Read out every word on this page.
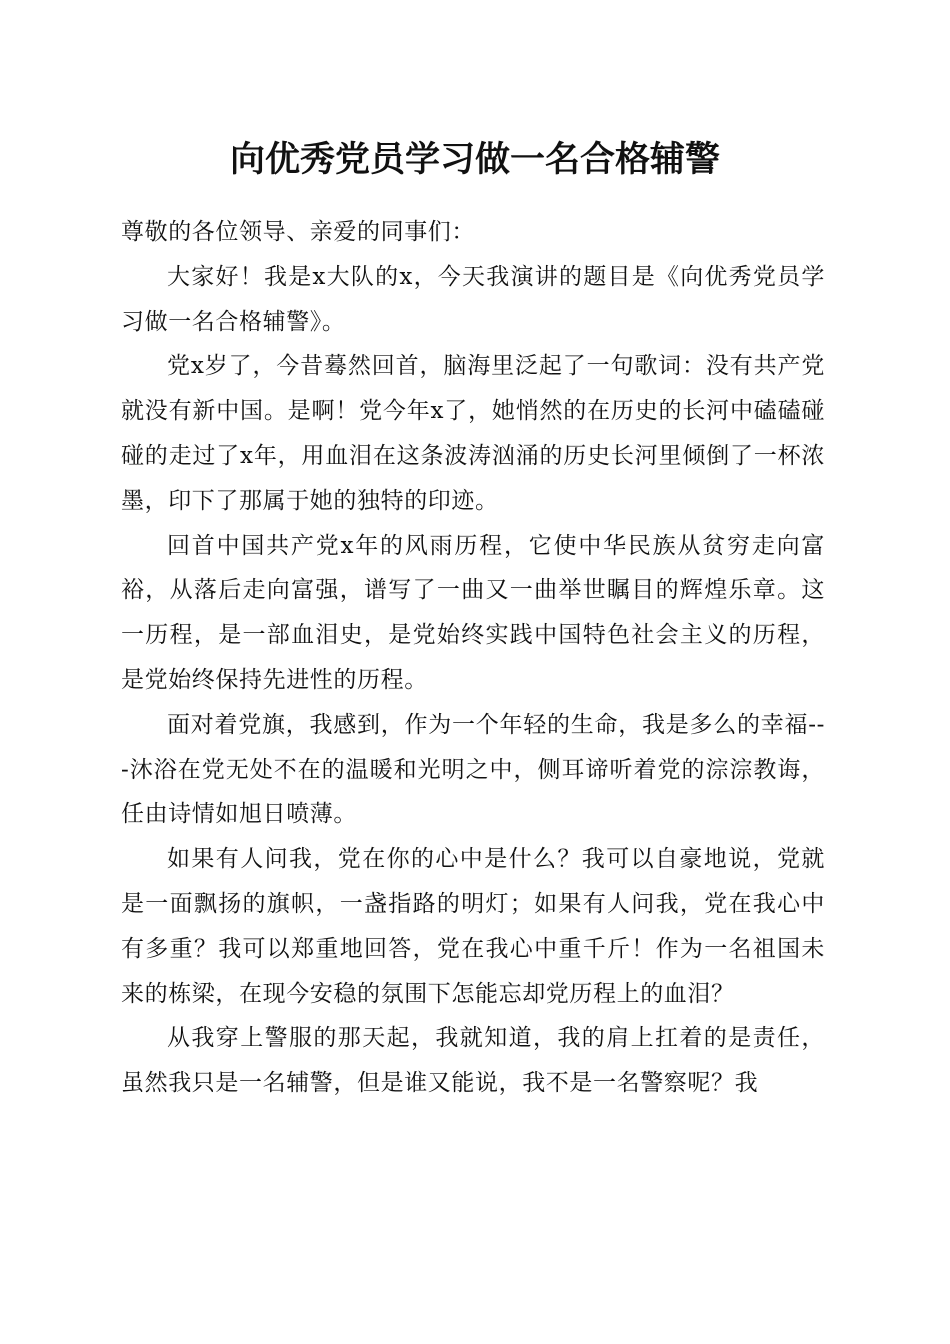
向优秀党员学习做一名合格辅警

尊敬的各位领导、亲爱的同事们：

大家好！我是x大队的x，今天我演讲的题目是《向优秀党员学习做一名合格辅警》。

党x岁了，今昔蓦然回首，脑海里泛起了一句歌词：没有共产党就没有新中国。是啊！党今年x了，她悄然的在历史的长河中磕磕碰碰的走过了x年，用血泪在这条波涛汹涌的历史长河里倾倒了一杯浓墨，印下了那属于她的独特的印迹。

回首中国共产党x年的风雨历程，它使中华民族从贫穷走向富裕，从落后走向富强，谱写了一曲又一曲举世瞩目的辉煌乐章。这一历程，是一部血泪史，是党始终实践中国特色社会主义的历程，是党始终保持先进性的历程。

面对着党旗，我感到，作为一个年轻的生命，我是多么的幸福---沐浴在党无处不在的温暖和光明之中，侧耳谛听着党的淙淙教诲，任由诗情如旭日喷薄。

如果有人问我，党在你的心中是什么？我可以自豪地说，党就是一面飘扬的旗帜，一盏指路的明灯；如果有人问我，党在我心中有多重？我可以郑重地回答，党在我心中重千斤！作为一名祖国未来的栋梁，在现今安稳的氛围下怎能忘却党历程上的血泪？

从我穿上警服的那天起，我就知道，我的肩上扛着的是责任，虽然我只是一名辅警，但是谁又能说，我不是一名警察呢？我
